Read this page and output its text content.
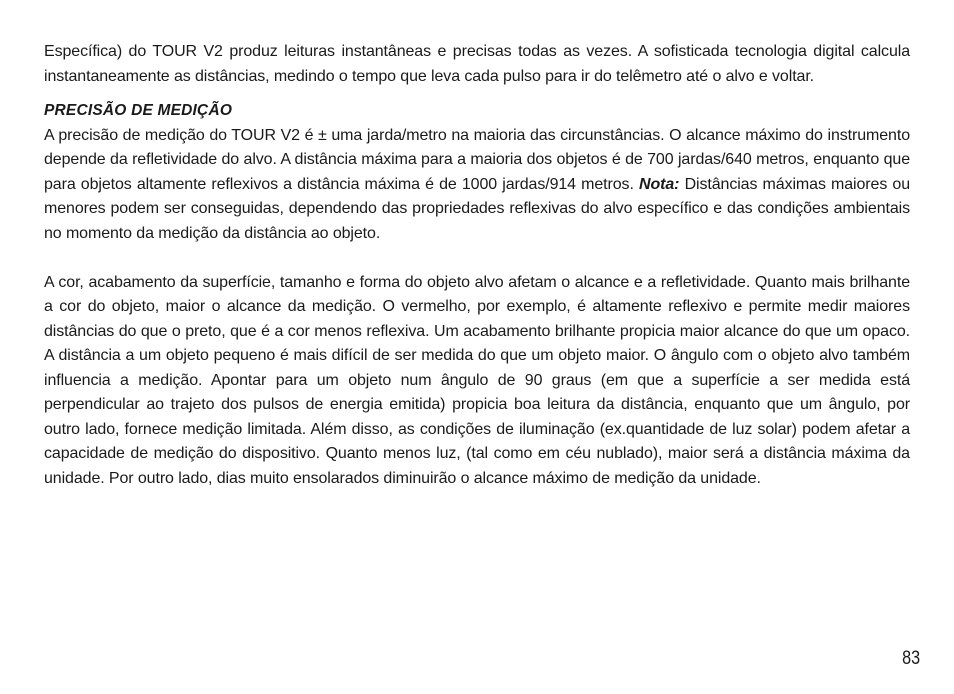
Específica) do TOUR V2 produz leituras instantâneas e precisas todas as vezes. A sofisticada tecnologia digital calcula instantaneamente as distâncias, medindo o tempo que leva cada pulso para ir do telêmetro até o alvo e voltar.

PRECISÃO DE MEDIÇÃO

A precisão de medição do TOUR V2 é ± uma jarda/metro na maioria das circunstâncias. O alcance máximo do instrumento depende da refletividade do alvo. A distância máxima para a maioria dos objetos é de 700 jardas/640 metros, enquanto que para objetos altamente reflexivos a distância máxima é de 1000 jardas/914 metros. Nota: Distâncias máximas maiores ou menores podem ser conseguidas, dependendo das propriedades reflexivas do alvo específico e das condições ambientais no momento da medição da distância ao objeto.

A cor, acabamento da superfície, tamanho e forma do objeto alvo afetam o alcance e a refletividade. Quanto mais brilhante a cor do objeto, maior o alcance da medição. O vermelho, por exemplo, é altamente reflexivo e permite medir maiores distâncias do que o preto, que é a cor menos reflexiva. Um acabamento brilhante propicia maior alcance do que um opaco. A distância a um objeto pequeno é mais difícil de ser medida do que um objeto maior. O ângulo com o objeto alvo também influencia a medição. Apontar para um objeto num ângulo de 90 graus (em que a superfície a ser medida está perpendicular ao trajeto dos pulsos de energia emitida) propicia boa leitura da distância, enquanto que um ângulo, por outro lado, fornece medição limitada. Além disso, as condições de iluminação (ex.quantidade de luz solar) podem afetar a capacidade de medição do dispositivo. Quanto menos luz, (tal como em céu nublado), maior será a distância máxima da unidade. Por outro lado, dias muito ensolarados diminuirão o alcance máximo de medição da unidade.

83
